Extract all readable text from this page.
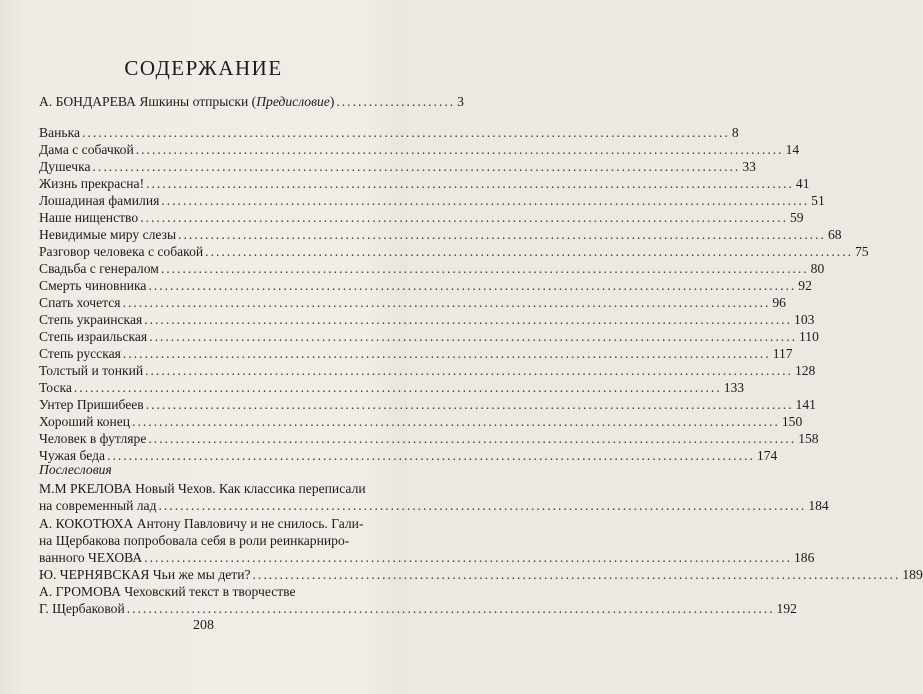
СОДЕРЖАНИЕ
А. БОНДАРЕВА Яшкины отпрыски (Предисловие) ...................... 3
Ванька ........................................................................................................................ 8
Дама с собачкой ........................................................................................................................ 14
Душечка ........................................................................................................................ 33
Жизнь прекрасна! ........................................................................................................................ 41
Лошадиная фамилия ........................................................................................................................ 51
Наше нищенство ........................................................................................................................ 59
Невидимые миру слезы ........................................................................................................................ 68
Разговор человека с собакой ........................................................................................................................ 75
Свадьба с генералом ........................................................................................................................ 80
Смерть чиновника ........................................................................................................................ 92
Спать хочется ........................................................................................................................ 96
Степь украинская ........................................................................................................................ 103
Степь израильская ........................................................................................................................ 110
Степь русская ........................................................................................................................ 117
Толстый и тонкий ........................................................................................................................ 128
Тоска ........................................................................................................................ 133
Унтер Пришибеев ........................................................................................................................ 141
Хороший конец ........................................................................................................................ 150
Человек в футляре ........................................................................................................................ 158
Чужая беда ........................................................................................................................ 174
Послесловия
М.М РКЕЛОВА Новый Чехов. Как классика переписали
на современный лад ........................................................................................................................ 184
А. КОКОТЮХА Антону Павловичу и не снилось. Гали-
на Щербакова попробовала себя в роли реинкарниро-
ванного ЧЕХОВА ........................................................................................................................ 186
Ю. ЧЕРНЯВСКАЯ Чьи же мы дети? ........................................................................................................................ 189
А. ГРОМОВА Чеховский текст в творчестве
Г. Щербаковой ........................................................................................................................ 192
208
